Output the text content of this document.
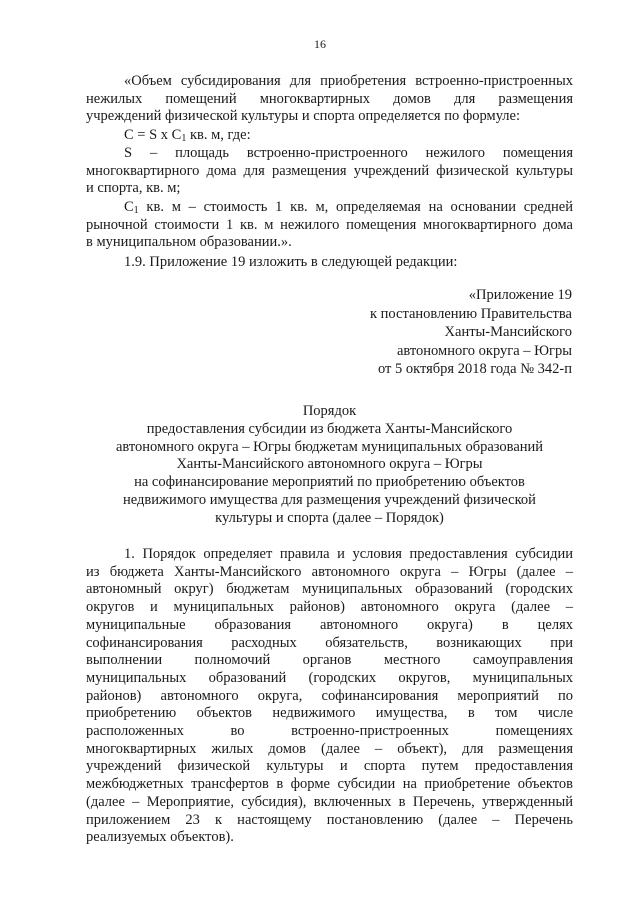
16
«Объем субсидирования для приобретения встроенно-пристроенных
нежилых помещений многоквартирных домов для размещения
учреждений физической культуры и спорта определяется по формуле:
C = S x $C_1$ кв. м, где:
S – площадь встроенно-пристроенного нежилого помещения
многоквартирного дома для размещения учреждений физической культуры
и спорта, кв. м;
$C_1$ кв. м – стоимость 1 кв. м, определяемая на основании средней
рыночной стоимости 1 кв. м нежилого помещения многоквартирного дома
в муниципальном образовании.».
1.9. Приложение 19 изложить в следующей редакции:
«Приложение 19
к постановлению Правительства
Ханты-Мансийского
автономного округа – Югры
от 5 октября 2018 года № 342-п
Порядок
предоставления субсидии из бюджета Ханты-Мансийского
автономного округа – Югры бюджетам муниципальных образований
Ханты-Мансийского автономного округа – Югры
на софинансирование мероприятий по приобретению объектов
недвижимого имущества для размещения учреждений физической
культуры и спорта (далее – Порядок)
1. Порядок определяет правила и условия предоставления субсидии
из бюджета Ханты-Мансийского автономного округа – Югры (далее –
автономный округ) бюджетам муниципальных образований (городских
округов и муниципальных районов) автономного округа (далее –
муниципальные образования автономного округа) в целях
софинансирования расходных обязательств, возникающих при
выполнении полномочий органов местного самоуправления
муниципальных образований (городских округов, муниципальных
районов) автономного округа, софинансирования мероприятий по
приобретению объектов недвижимого имущества, в том числе
расположенных во встроенно-пристроенных помещениях
многоквартирных жилых домов (далее – объект), для размещения
учреждений физической культуры и спорта путем предоставления
межбюджетных трансфертов в форме субсидии на приобретение объектов
(далее – Мероприятие, субсидия), включенных в Перечень, утвержденный
приложением 23 к настоящему постановлению (далее – Перечень
реализуемых объектов).
